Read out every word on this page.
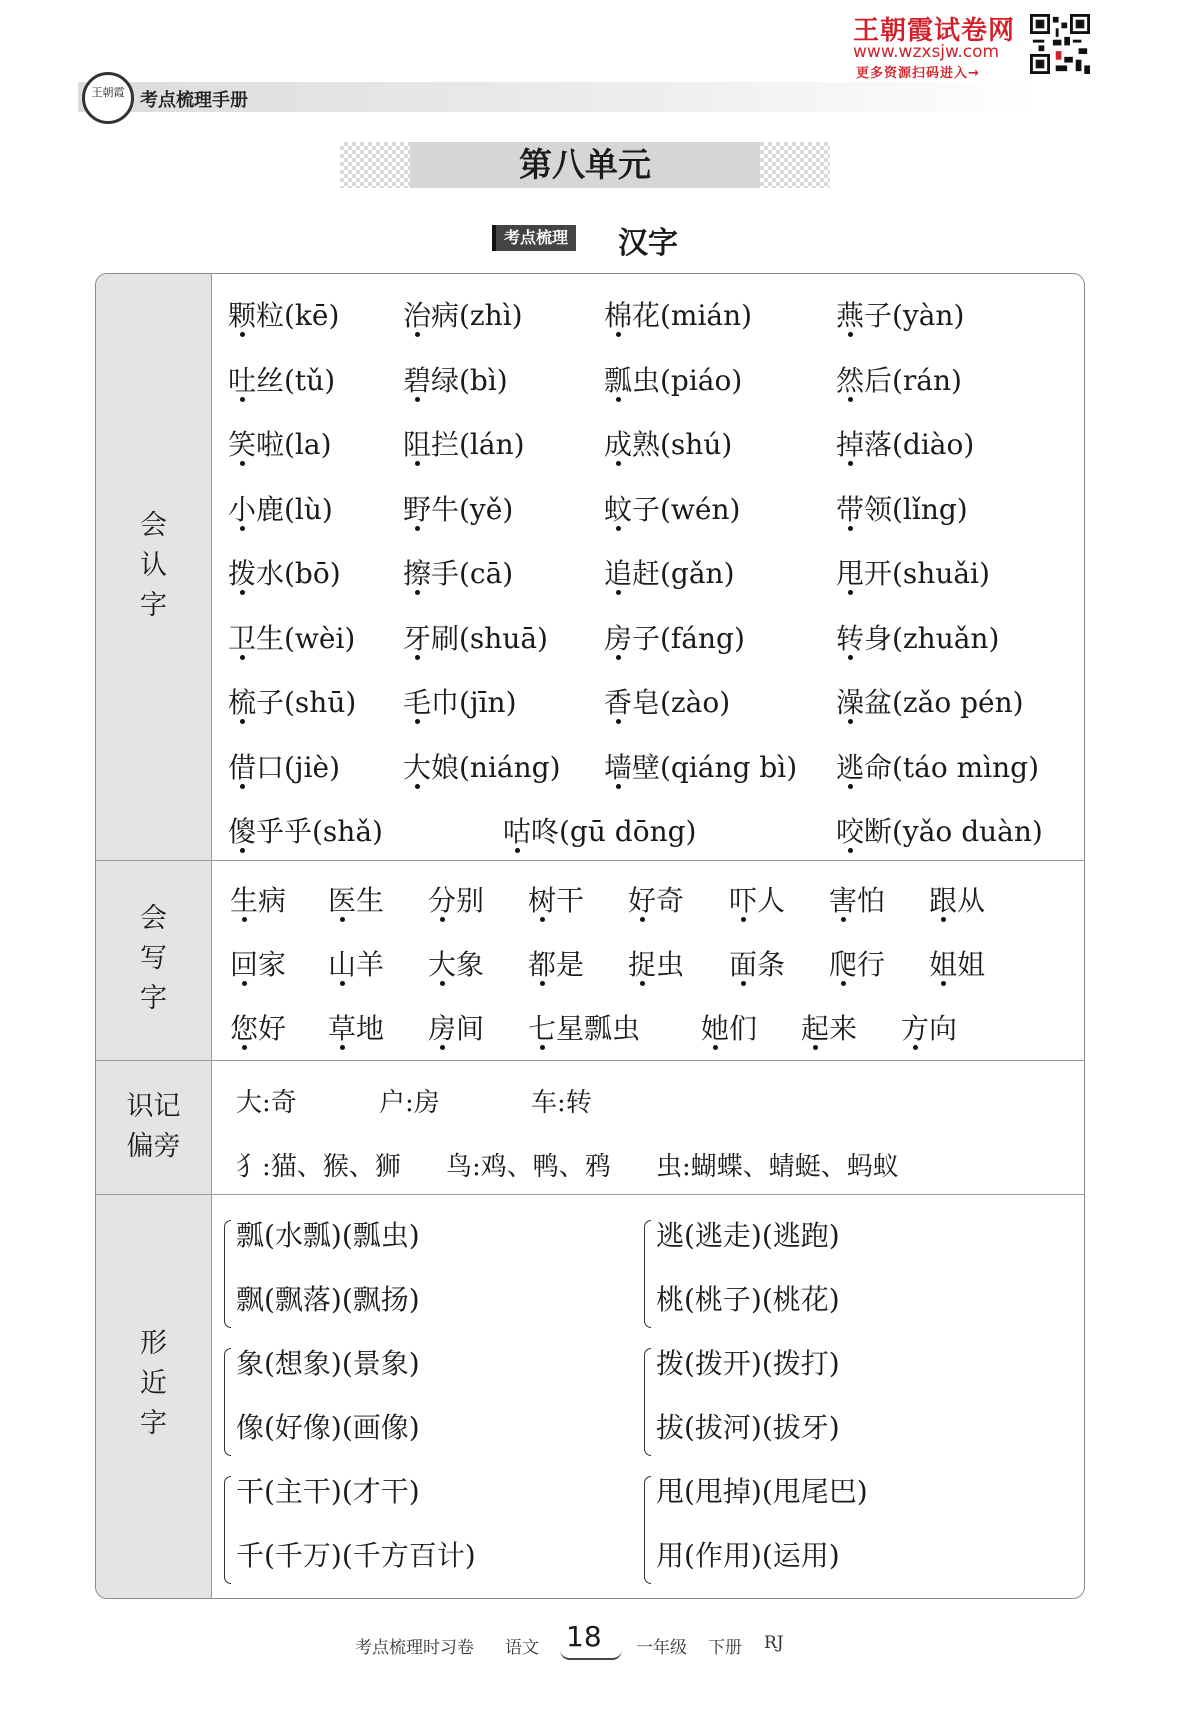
王朝霞 考点梳理手册
王朝霞试卷网
www.wzxsjw.com
更多资源扫码进入→
第八单元
考点梳理 汉字
会
认
字
会
写
字
识记
偏旁
形
近
字
颗粒(kē) 治病(zhì)	棉花(mián)	燕子(yàn)
吐丝(tǔ) 碧绿(bì)	瓢虫(piáo)	然后(rán)
笑啦(la)	阻拦(lán)	成熟(shú)	掉落(diào)
小鹿(lù)	野牛(yě)	蚊子(wén)	带领(lǐng)
拨水(bō) 擦手(cā)	追赶(gǎn)	甩开(shuǎi)
卫生(wèi) 牙刷(shuā) 房子(fáng)	转身(zhuǎn)
梳子(shū) 毛巾(jīn)	香皂(zào)	澡盆(zǎo pén)
借口(jiè) 大娘(niáng) 墙壁(qiáng bì) 逃命(táo mìng)
傻乎乎(shǎ)	咕咚(gū dōng)	咬断(yǎo duàn)
生病 医生 分别 树干 好奇 吓人 害怕 跟从
回家 山羊 大象 都是 捉虫 面条 爬行 姐姐
您好 草地 房间 七星瓢虫 她们 起来 方向
大:奇	户:房	车:转
犭:猫、猴、狮 鸟:鸡、鸭、鸦 虫:蝴蝶、蜻蜓、蚂蚁
瓢(水瓢)(瓢虫)
飘(飘落)(飘扬)
逃(逃走)(逃跑)
桃(桃子)(桃花)
象(想象)(景象)
像(好像)(画像)
拨(拨开)(拨打)
拔(拔河)(拔牙)
干(主干)(才干)
千(千万)(千方百计)
甩(甩掉)(甩尾巴)
用(作用)(运用)
考点梳理时习卷 语文 18 一年级 下册 RJ
